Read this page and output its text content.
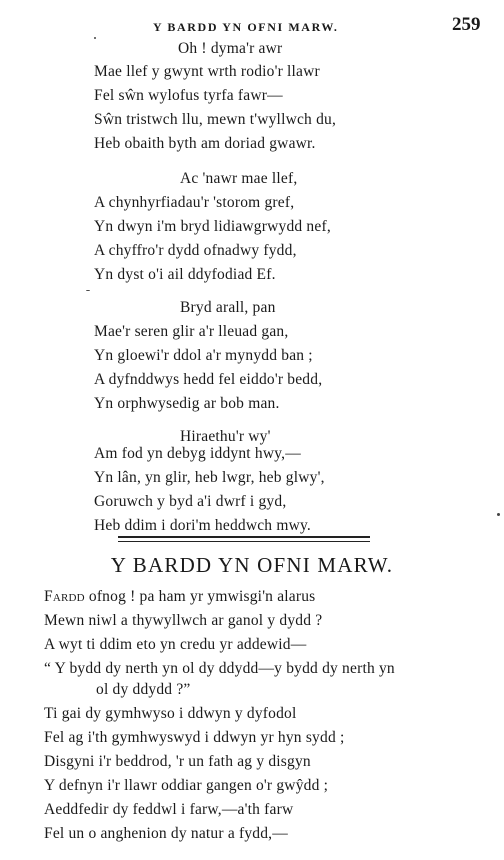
Y BARDD YN OFNI MARW.	259
Oh ! dyma'r awr
Mae llef y gwynt wrth rodio'r llawr
Fel sŵn wylofus tyrfa fawr—
Sŵn tristwch llu, mewn t'wyllwch du,
Heb obaith byth am doriad gwawr.
Ac 'nawr mae llef,
A chynhyrfiadau'r 'storom gref,
Yn dwyn i'm bryd lidiawgrwydd nef,
A chyffro'r dydd ofnadwy fydd,
Yn dyst o'i ail ddyfodiad Ef.
Bryd arall, pan
Mae'r seren glir a'r lleuad gan,
Yn gloewi'r ddol a'r mynydd ban ;
A dyfnddwys hedd fel eiddo'r bedd,
Yn orphwysedig ar bob man.
Hiraethu'r wy'
Am fod yn debyg iddynt hwy,—
Yn lân, yn glir, heb lwgr, heb glwy',
Goruwch y byd a'i dwrf i gyd,
Heb ddim i dori'm heddwch mwy.
Y BARDD YN OFNI MARW.
Fardd ofnog ! pa ham yr ymwisgi'n alarus
Mewn niwl a thywyllwch ar ganol y dydd ?
A wyt ti ddim eto yn credu yr addewid—
“ Y bydd dy nerth yn ol dy ddydd—y bydd dy nerth yn
ol dy ddydd ?”
Ti gai dy gymhwyso i ddwyn y dyfodol
Fel ag i'th gymhwyswyd i ddwyn yr hyn sydd ;
Disgyni i'r beddrod, 'r un fath ag y disgyn
Y defnyn i'r llawr oddiar gangen o'r gwŷdd ;
Aeddfedir dy feddwl i farw,—a'th farw
Fel un o anghenion dy natur a fydd,—
